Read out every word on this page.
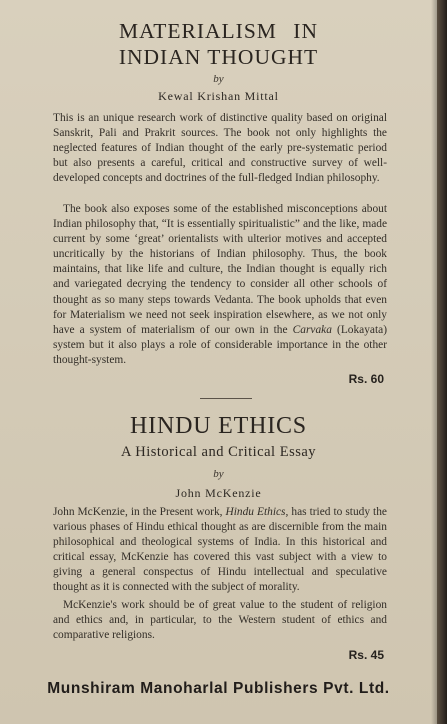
MATERIALISM IN
INDIAN THOUGHT
by
Kewal Krishan Mittal

This is an unique research work of distinctive quality based on original Sanskrit, Pali and Prakrit sources. The book not only highlights the neglected features of Indian thought of the early pre-systematic period but also presents a careful, critical and constructive survey of well-developed concepts and doctrines of the full-fledged Indian philosophy.

The book also exposes some of the established misconceptions about Indian philosophy that, “It is essentially spiritualistic” and the like, made current by some ‘great’ orientalists with ulterior motives and accepted uncritically by the historians of Indian philosophy. Thus, the book maintains, that like life and culture, the Indian thought is equally rich and variegated decrying the tendency to consider all other schools of thought as so many steps towards Vedanta. The book upholds that even for Materialism we need not seek inspiration elsewhere, as we not only have a system of materialism of our own in the Carvaka (Lokayata) system but it also plays a role of considerable importance in the other thought-system.

Rs. 60
HINDU ETHICS
A Historical and Critical Essay
by
John McKenzie

John McKenzie, in the Present work, Hindu Ethics, has tried to study the various phases of Hindu ethical thought as are discernible from the main philosophical and theological systems of India. In this historical and critical essay, McKenzie has covered this vast subject with a view to giving a general conspectus of Hindu intellectual and speculative thought as it is connected with the subject of morality.

McKenzie's work should be of great value to the student of religion and ethics and, in particular, to the Western student of ethics and comparative religions.

Rs. 45
Munshiram Manoharlal Publishers Pvt. Ltd.
